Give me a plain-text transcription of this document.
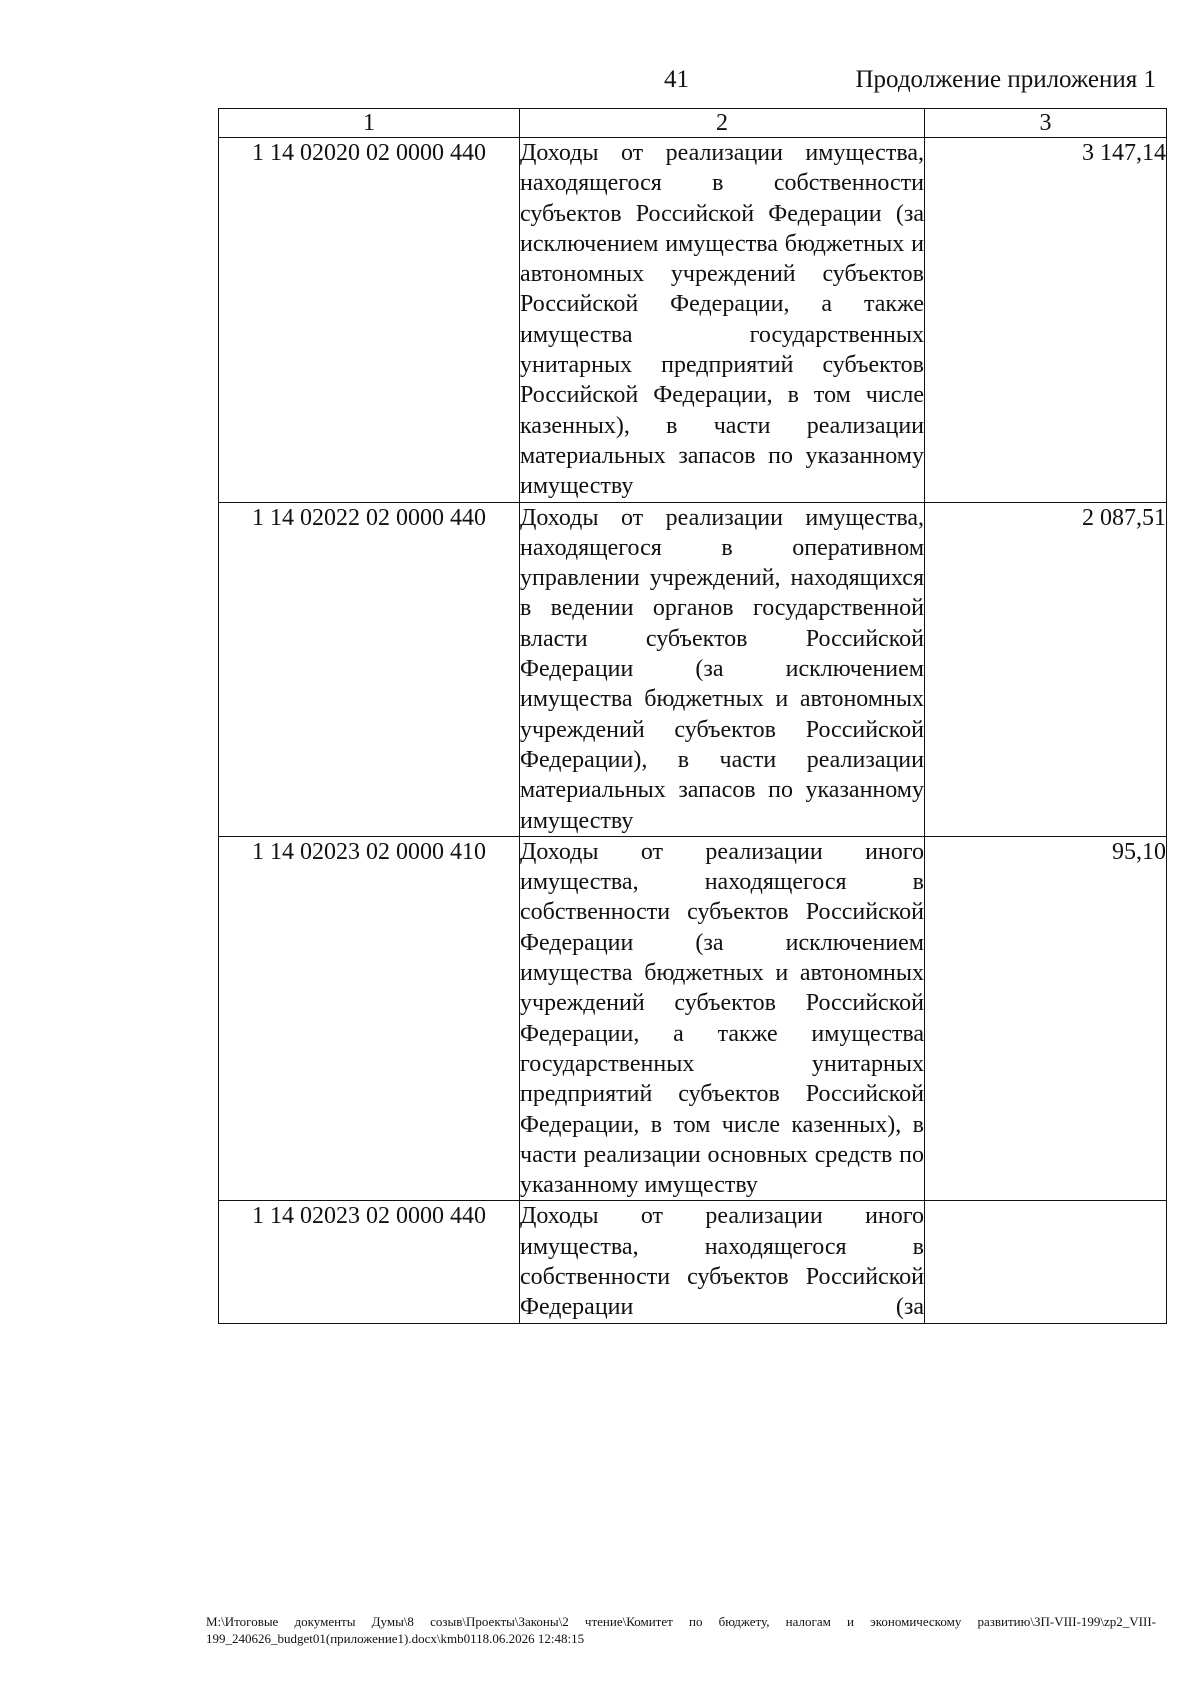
41	Продолжение приложения 1
1	2	3
1 14 02020 02 0000 440	Доходы от реализации имущества, находящегося в собственности субъектов Российской Федерации (за исключением имущества бюджетных и автономных учреждений субъектов Российской Федерации, а также имущества государственных унитарных предприятий субъектов Российской Федерации, в том числе казенных), в части реализации материальных запасов по указанному имуществу	3 147,14
1 14 02022 02 0000 440	Доходы от реализации имущества, находящегося в оперативном управлении учреждений, находящихся в ведении органов государственной власти субъектов Российской Федерации (за исключением имущества бюджетных и автономных учреждений субъектов Российской Федерации), в части реализации материальных запасов по указанному имуществу	2 087,51
1 14 02023 02 0000 410	Доходы от реализации иного имущества, находящегося в собственности субъектов Российской Федерации (за исключением имущества бюджетных и автономных учреждений субъектов Российской Федерации, а также имущества государственных унитарных предприятий субъектов Российской Федерации, в том числе казенных), в части реализации основных средств по указанному имуществу	95,10
1 14 02023 02 0000 440	Доходы от реализации иного имущества, находящегося в собственности субъектов Российской Федерации (за	
M:\Итоговые документы Думы\8 созыв\Проекты\Законы\2 чтение\Комитет по бюджету, налогам и экономическому развитию\ЗП-VIII-199\zp2_VIII-199_240626_budget01(приложение1).docx\kmb0118.06.2026 12:48:15
